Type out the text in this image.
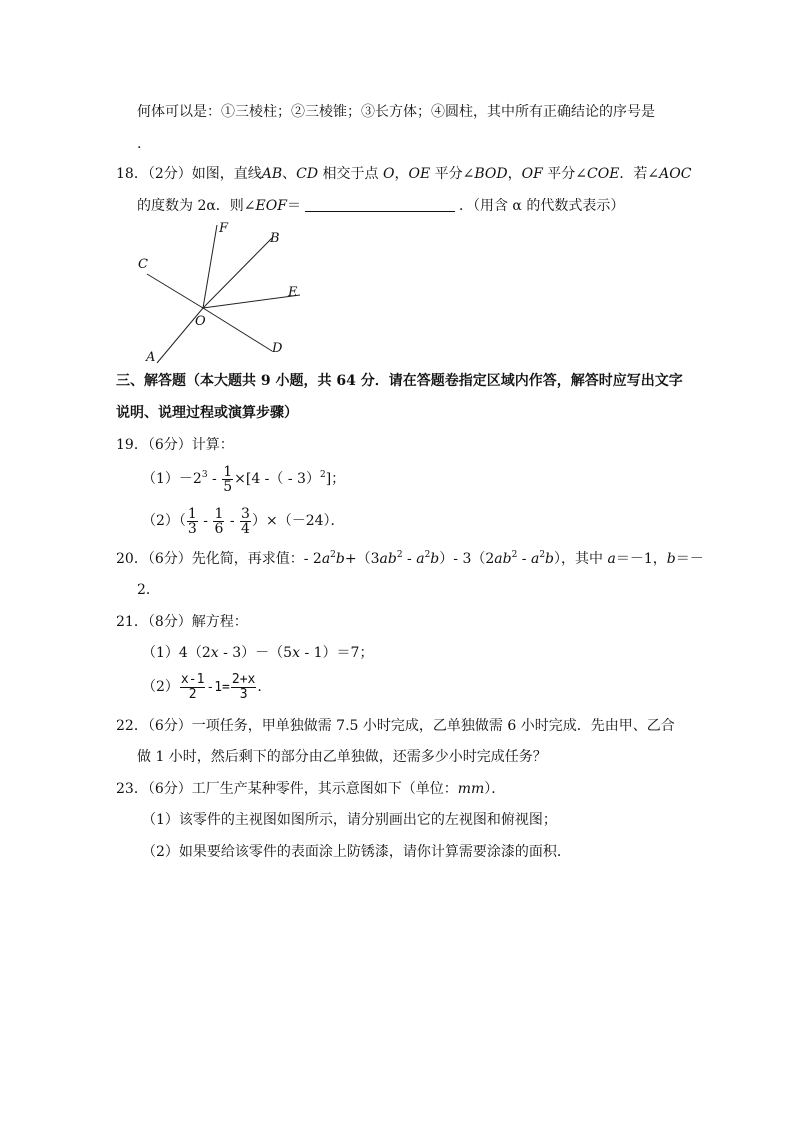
何体可以是：①三棱柱；②三棱锥；③长方体；④圆柱，其中所有正确结论的序号是
.
18．（2分）如图，直线AB、CD 相交于点 O，OE 平分∠BOD，OF 平分∠COE．若∠AOC
的度数为 2α．则∠EOF＝	．（用含 α 的代数式表示）
F
B
C
E
O
A
D
三、解答题（本大题共 9 小题，共 64 分．请在答题卷指定区域内作答，解答时应写出文字
说明、说理过程或演算步骤）
19．（6分）计算：
$(1)-2^3 - \frac{1}{5} \times[4$ -（ - 3）$^2$]；
$(2)( \frac{1}{3} - \frac{1}{6} - \frac{3}{4} )\times(-24)$．
20．（6分）先化简，再求值：- $2a^2b+(3ab^2 - a^2b)-$ $3(2ab^2 - a^2b)$，其中 a＝－1，b＝－
2．
21．（8分）解方程：
（1）4（2x - 3）－（5x - 1）＝7；
$(2) \frac{x-1}{2} -1= \frac{2+x}{3}$ .
22．（6分）一项任务，甲单独做需 7.5 小时完成，乙单独做需 6 小时完成．先由甲、乙合
做 1 小时，然后剩下的部分由乙单独做，还需多少小时完成任务？
23．（6分）工厂生产某种零件，其示意图如下（单位：mm）．
（1）该零件的主视图如图所示，请分别画出它的左视图和俯视图；
（2）如果要给该零件的表面涂上防锈漆，请你计算需要涂漆的面积．
